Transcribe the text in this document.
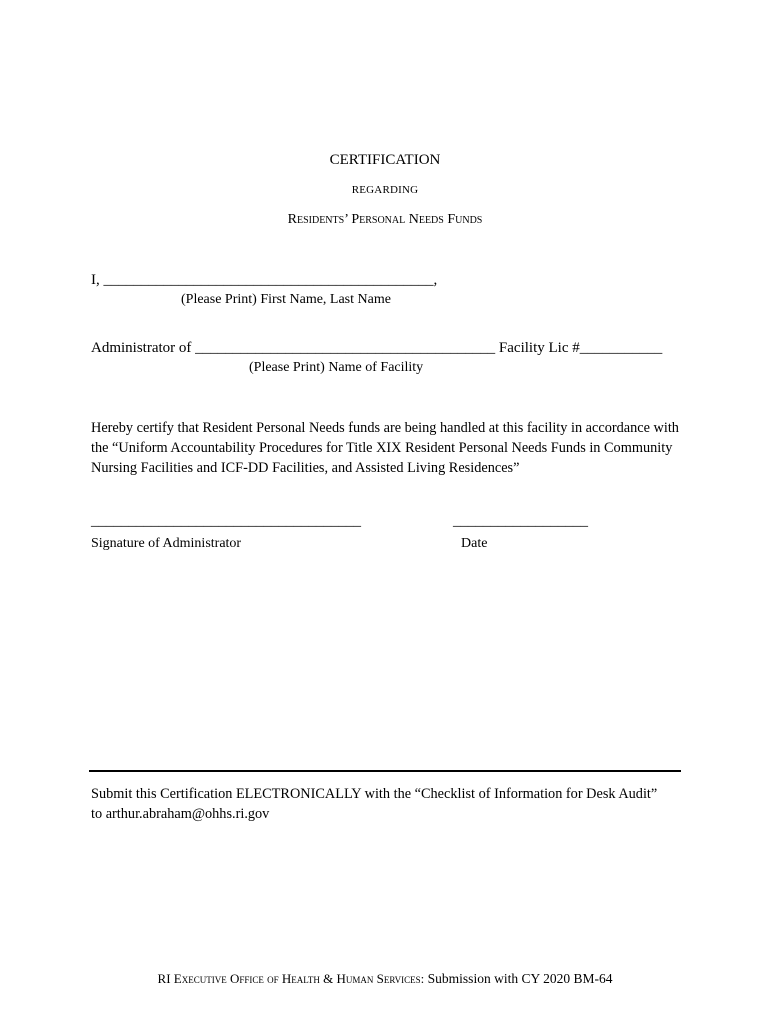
CERTIFICATION
REGARDING
Residents’ Personal Needs Funds
I, ____________________________________________,
(Please Print) First Name, Last Name
Administrator of ________________________________________ Facility Lic #___________
(Please Print) Name of Facility
Hereby certify that Resident Personal Needs funds are being handled at this facility in accordance with the “Uniform Accountability Procedures for Title XIX Resident Personal Needs Funds in Community Nursing Facilities and ICF-DD Facilities, and Assisted Living Residences”
____________________________________
Signature of Administrator
__________________
Date
Submit this Certification ELECTRONICALLY with the “Checklist of Information for Desk Audit” to arthur.abraham@ohhs.ri.gov
RI Executive Office of Health & Human Services: Submission with CY 2020 BM-64
